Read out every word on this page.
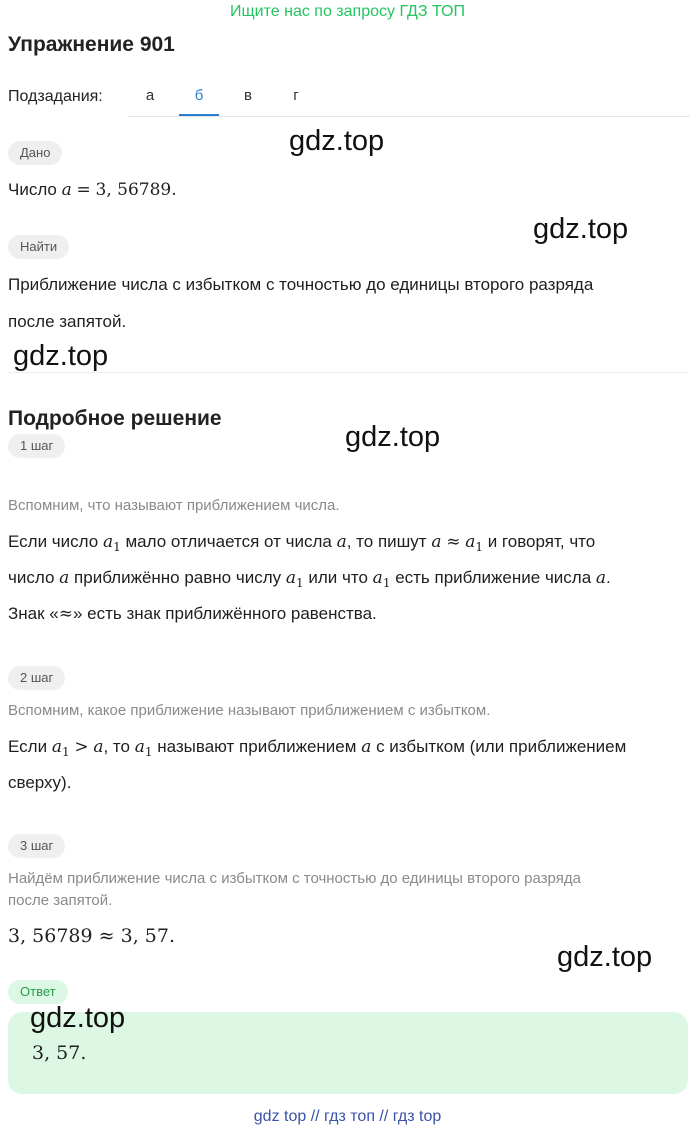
Ищите нас по запросу ГДЗ ТОП
Упражнение 901
Подзадания:	а	б	в	г
Дано
Число a = 3, 56789.
Найти
Приближение числа с избытком с точностью до единицы второго разряда
после запятой.
Подробное решение
1 шаг
Вспомним, что называют приближением числа.
Если число $a_1$ мало отличается от числа a, то пишут $a \approx a_1$ и говорят, что
число a приближённо равно числу $a_1$ или что $a_1$ есть приближение числа a.
Знак «≈» есть знак приближённого равенства.
2 шаг
Вспомним, какое приближение называют приближением с избытком.
Если $a_1 > a$, то $a_1$ называют приближением a с избытком (или приближением
сверху).
3 шаг
Найдём приближение числа с избытком с точностью до единицы второго разряда
после запятой.
3, 56789 ≈ 3, 57.
Ответ
3, 57.
gdz.top
gdz.top
gdz.top
gdz.top
gdz.top
gdz.top
gdz top // гдз топ // гдз top
